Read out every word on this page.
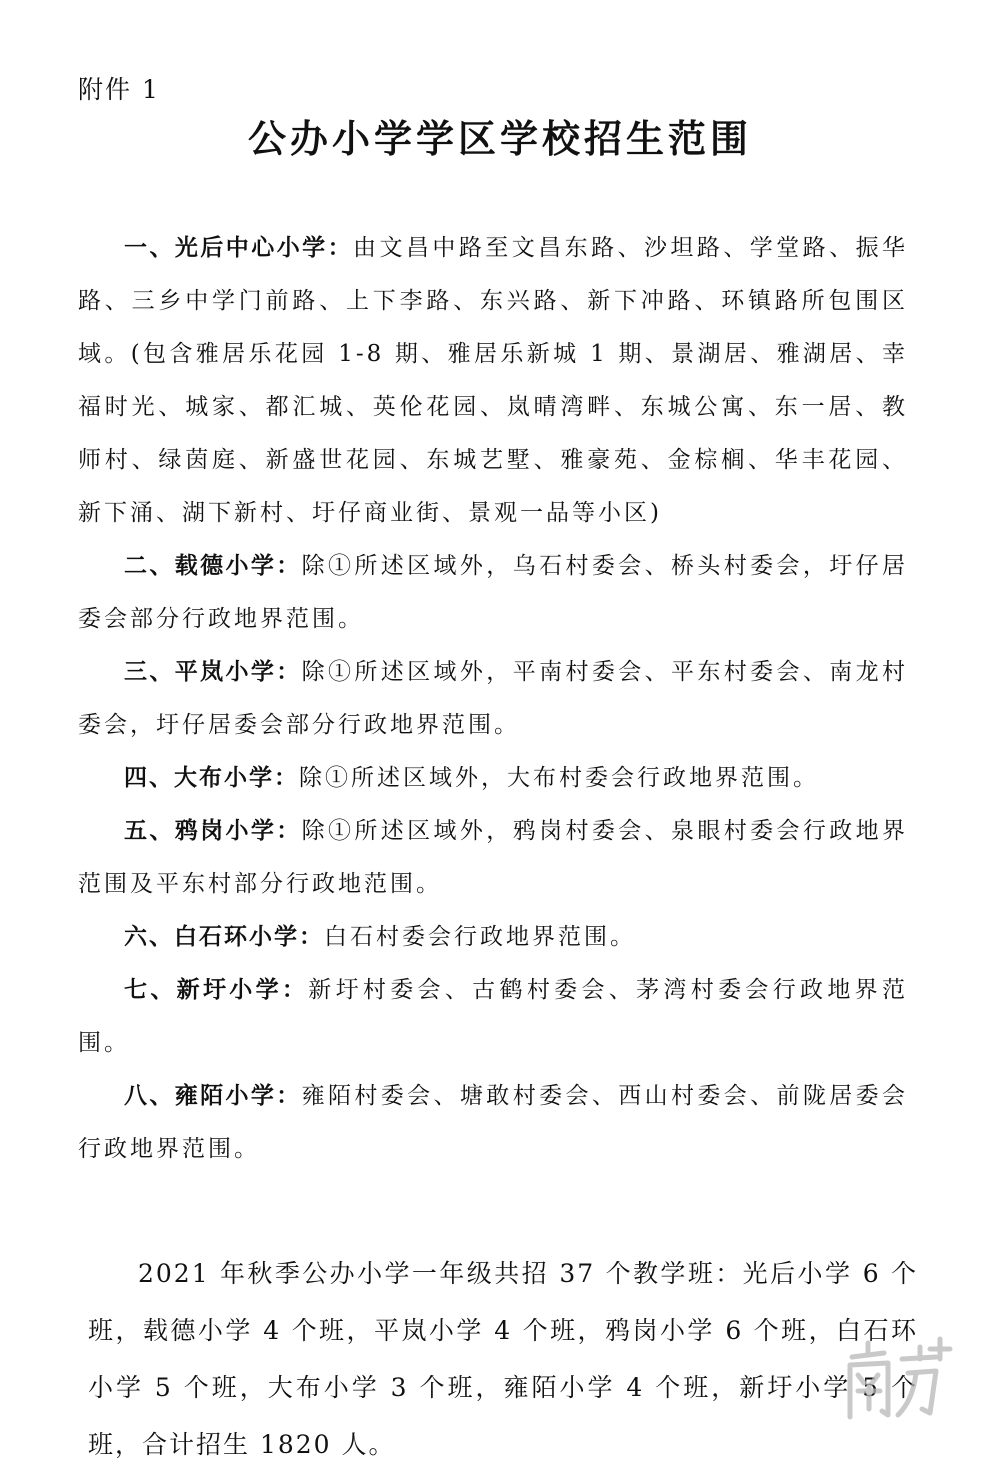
附件 1
公办小学学区学校招生范围

一、光后中心小学：由文昌中路至文昌东路、沙坦路、学堂路、振华路、三乡中学门前路、上下李路、东兴路、新下冲路、环镇路所包围区域。(包含雅居乐花园 1-8 期、雅居乐新城 1 期、景湖居、雅湖居、幸福时光、城家、都汇城、英伦花园、岚晴湾畔、东城公寓、东一居、教师村、绿茵庭、新盛世花园、东城艺墅、雅豪苑、金棕榈、华丰花园、新下涌、湖下新村、圩仔商业街、景观一品等小区)

二、载德小学：除①所述区域外，乌石村委会、桥头村委会，圩仔居委会部分行政地界范围。

三、平岚小学：除①所述区域外，平南村委会、平东村委会、南龙村委会，圩仔居委会部分行政地界范围。

四、大布小学：除①所述区域外，大布村委会行政地界范围。

五、鸦岗小学：除①所述区域外，鸦岗村委会、泉眼村委会行政地界范围及平东村部分行政地范围。

六、白石环小学：白石村委会行政地界范围。

七、新圩小学：新圩村委会、古鹤村委会、茅湾村委会行政地界范围。

八、雍陌小学：雍陌村委会、塘敢村委会、西山村委会、前陇居委会行政地界范围。

2021 年秋季公办小学一年级共招 37 个教学班：光后小学 6 个班，载德小学 4 个班，平岚小学 4 个班，鸦岗小学 6 个班，白石环小学 5 个班，大布小学 3 个班，雍陌小学 4 个班，新圩小学 5 个班，合计招生 1820 人。
